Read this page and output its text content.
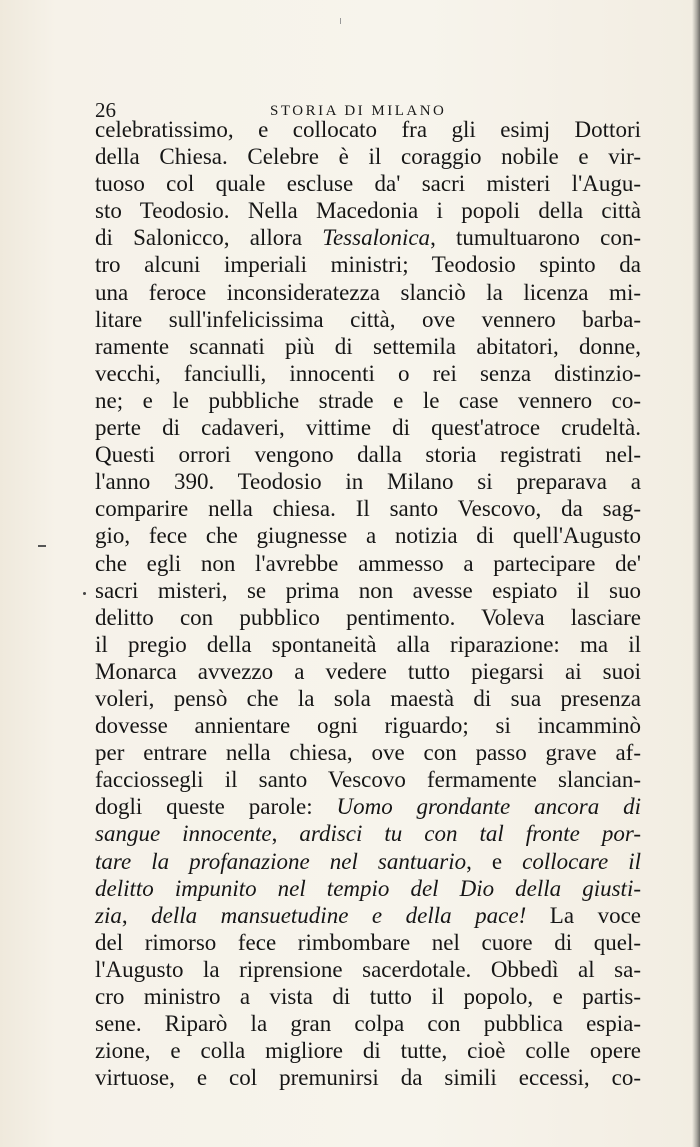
26	STORIA DI MILANO
celebratissimo, e collocato fra gli esimj Dottori
della Chiesa. Celebre è il coraggio nobile e vir-
tuoso col quale escluse da' sacri misteri l'Augu-
sto Teodosio. Nella Macedonia i popoli della città
di Salonicco, allora Tessalonica, tumultuarono con-
tro alcuni imperiali ministri; Teodosio spinto da
una feroce inconsideratezza slanciò la licenza mi-
litare sull'infelicissima città, ove vennero barba-
ramente scannati più di settemila abitatori, donne,
vecchi, fanciulli, innocenti o rei senza distinzio-
ne; e le pubbliche strade e le case vennero co-
perte di cadaveri, vittime di quest'atroce crudeltà.
Questi orrori vengono dalla storia registrati nel-
l'anno 390. Teodosio in Milano si preparava a
comparire nella chiesa. Il santo Vescovo, da sag-
gio, fece che giugnesse a notizia di quell'Augusto
che egli non l'avrebbe ammesso a partecipare de'
sacri misteri, se prima non avesse espiato il suo
delitto con pubblico pentimento. Voleva lasciare
il pregio della spontaneità alla riparazione: ma il
Monarca avvezzo a vedere tutto piegarsi ai suoi
voleri, pensò che la sola maestà di sua presenza
dovesse annientare ogni riguardo; si incamminò
per entrare nella chiesa, ove con passo grave af-
facciossegli il santo Vescovo fermamente slancian-
dogli queste parole: Uomo grondante ancora di
sangue innocente, ardisci tu con tal fronte por-
tare la profanazione nel santuario, e collocare il
delitto impunito nel tempio del Dio della giusti-
zia, della mansuetudine e della pace! La voce
del rimorso fece rimbombare nel cuore di quel-
l'Augusto la riprensione sacerdotale. Obbedì al sa-
cro ministro a vista di tutto il popolo, e partis-
sene. Riparò la gran colpa con pubblica espia-
zione, e colla migliore di tutte, cioè colle opere
virtuose, e col premunirsi da simili eccessi, co-
